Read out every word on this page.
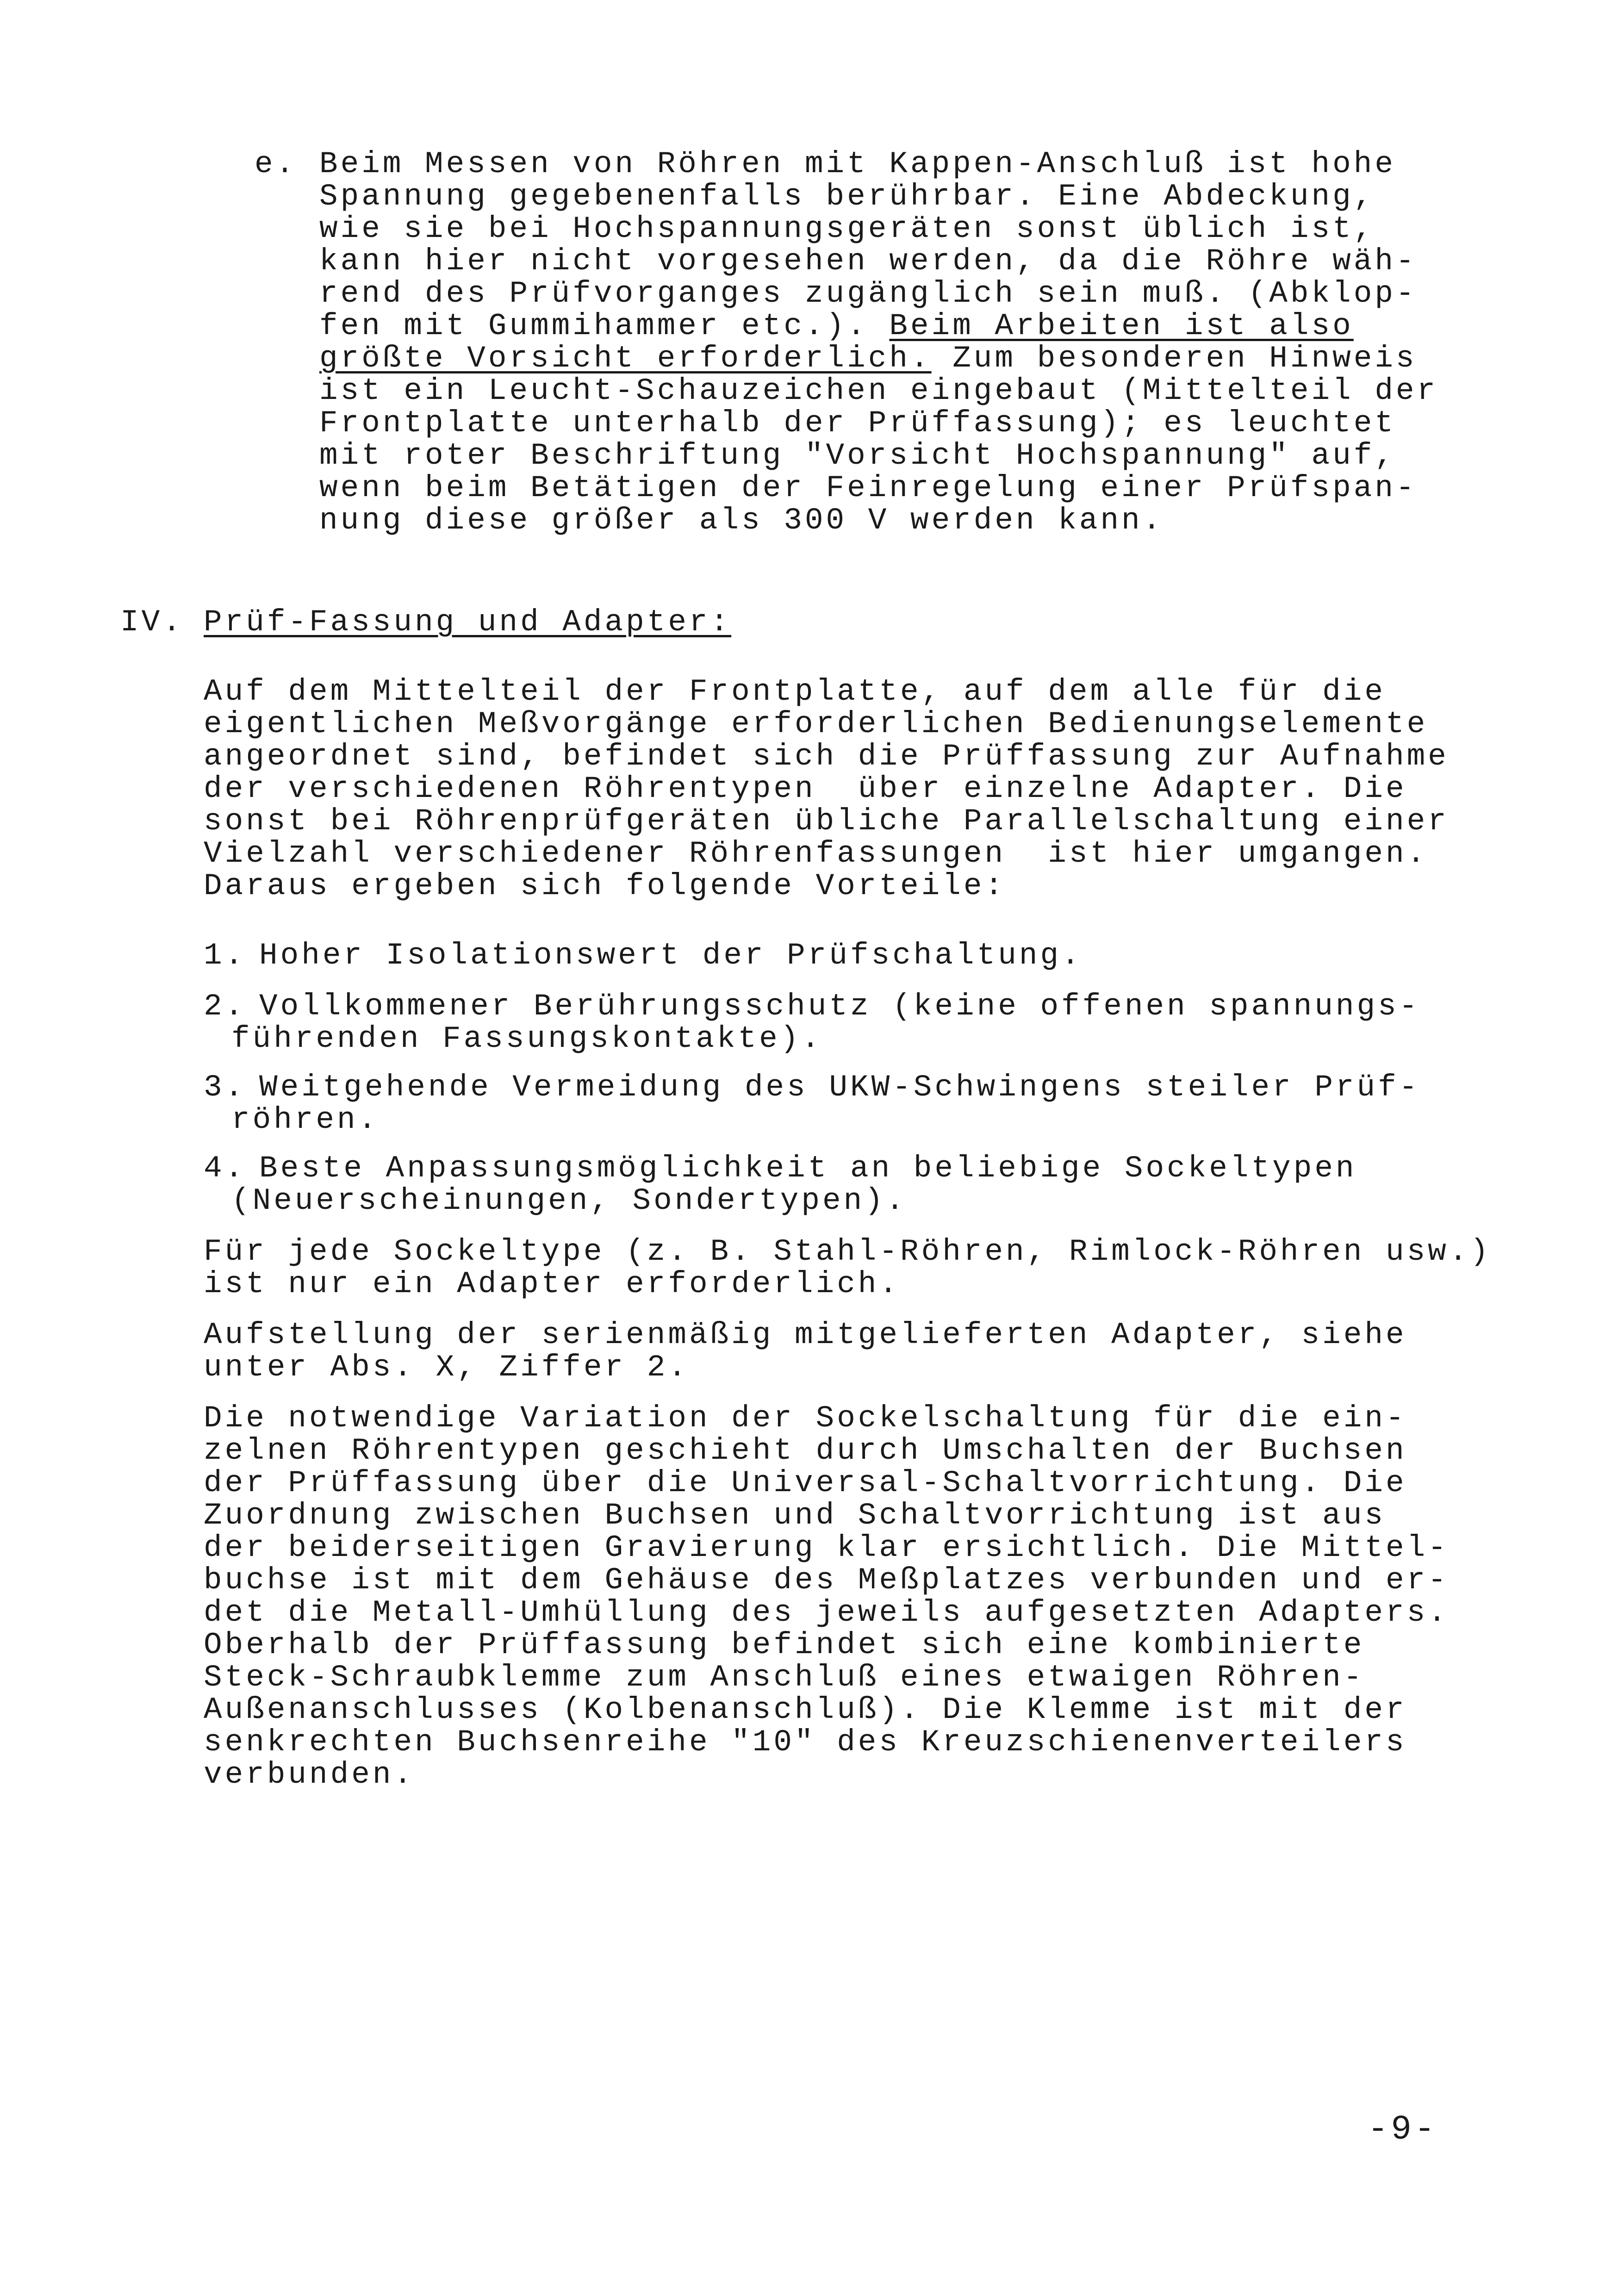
e. Beim Messen von Röhren mit Kappen-Anschluß ist hohe
Spannung gegebenenfalls berührbar. Eine Abdeckung,
wie sie bei Hochspannungsgeräten sonst üblich ist,
kann hier nicht vorgesehen werden, da die Röhre wäh-
rend des Prüfvorganges zugänglich sein muß. (Abklop-
fen mit Gummihammer etc.). Beim Arbeiten ist also
größte Vorsicht erforderlich. Zum besonderen Hinweis
ist ein Leucht-Schauzeichen eingebaut (Mittelteil der
Frontplatte unterhalb der Prüffassung); es leuchtet
mit roter Beschriftung "Vorsicht Hochspannung" auf,
wenn beim Betätigen der Feinregelung einer Prüfspan-
nung diese größer als 300 V werden kann.
IV. Prüf-Fassung und Adapter:
Auf dem Mittelteil der Frontplatte, auf dem alle für die
eigentlichen Meßvorgänge erforderlichen Bedienungselemente
angeordnet sind, befindet sich die Prüffassung zur Aufnahme
der verschiedenen Röhrentypen  über einzelne Adapter. Die
sonst bei Röhrenprüfgeräten übliche Parallelschaltung einer
Vielzahl verschiedener Röhrenfassungen  ist hier umgangen.
Daraus ergeben sich folgende Vorteile:
1. Hoher Isolationswert der Prüfschaltung.
2. Vollkommener Berührungsschutz (keine offenen spannungs-
führenden Fassungskontakte).
3. Weitgehende Vermeidung des UKW-Schwingens steiler Prüf-
röhren.
4. Beste Anpassungsmöglichkeit an beliebige Sockeltypen
(Neuerscheinungen, Sondertypen).
Für jede Sockeltype (z. B. Stahl-Röhren, Rimlock-Röhren usw.)
ist nur ein Adapter erforderlich.
Aufstellung der serienmäßig mitgelieferten Adapter, siehe
unter Abs. X, Ziffer 2.
Die notwendige Variation der Sockelschaltung für die ein-
zelnen Röhrentypen geschieht durch Umschalten der Buchsen
der Prüffassung über die Universal-Schaltvorrichtung. Die
Zuordnung zwischen Buchsen und Schaltvorrichtung ist aus
der beiderseitigen Gravierung klar ersichtlich. Die Mittel-
buchse ist mit dem Gehäuse des Meßplatzes verbunden und er-
det die Metall-Umhüllung des jeweils aufgesetzten Adapters.
Oberhalb der Prüffassung befindet sich eine kombinierte
Steck-Schraubklemme zum Anschluß eines etwaigen Röhren-
Außenanschlusses (Kolbenanschluß). Die Klemme ist mit der
senkrechten Buchsenreihe "10" des Kreuzschienenverteilers
verbunden.
-9-
